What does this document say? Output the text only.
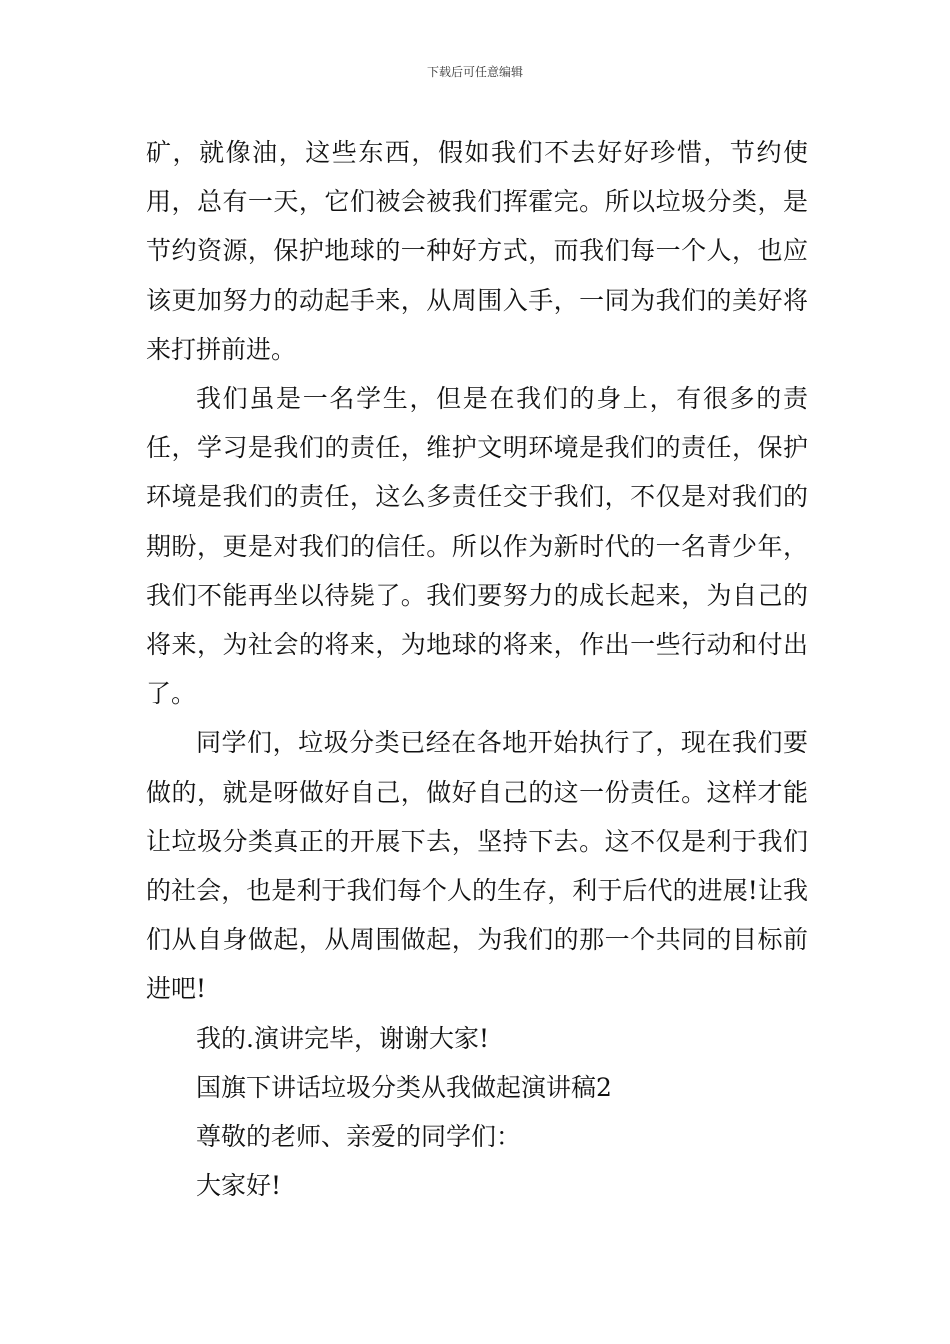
下载后可任意编辑

矿，就像油，这些东西，假如我们不去好好珍惜，节约使用，总有一天，它们被会被我们挥霍完。所以垃圾分类，是节约资源，保护地球的一种好方式，而我们每一个人，也应该更加努力的动起手来，从周围入手，一同为我们的美好将来打拼前进。

我们虽是一名学生，但是在我们的身上，有很多的责任，学习是我们的责任，维护文明环境是我们的责任，保护环境是我们的责任，这么多责任交于我们，不仅是对我们的期盼，更是对我们的信任。所以作为新时代的一名青少年，我们不能再坐以待毙了。我们要努力的成长起来，为自己的将来，为社会的将来，为地球的将来，作出一些行动和付出了。

同学们，垃圾分类已经在各地开始执行了，现在我们要做的，就是呀做好自己，做好自己的这一份责任。这样才能让垃圾分类真正的开展下去，坚持下去。这不仅是利于我们的社会，也是利于我们每个人的生存，利于后代的进展!让我们从自身做起，从周围做起，为我们的那一个共同的目标前进吧!

我的.演讲完毕，谢谢大家!

国旗下讲话垃圾分类从我做起演讲稿2

尊敬的老师、亲爱的同学们：

大家好!
